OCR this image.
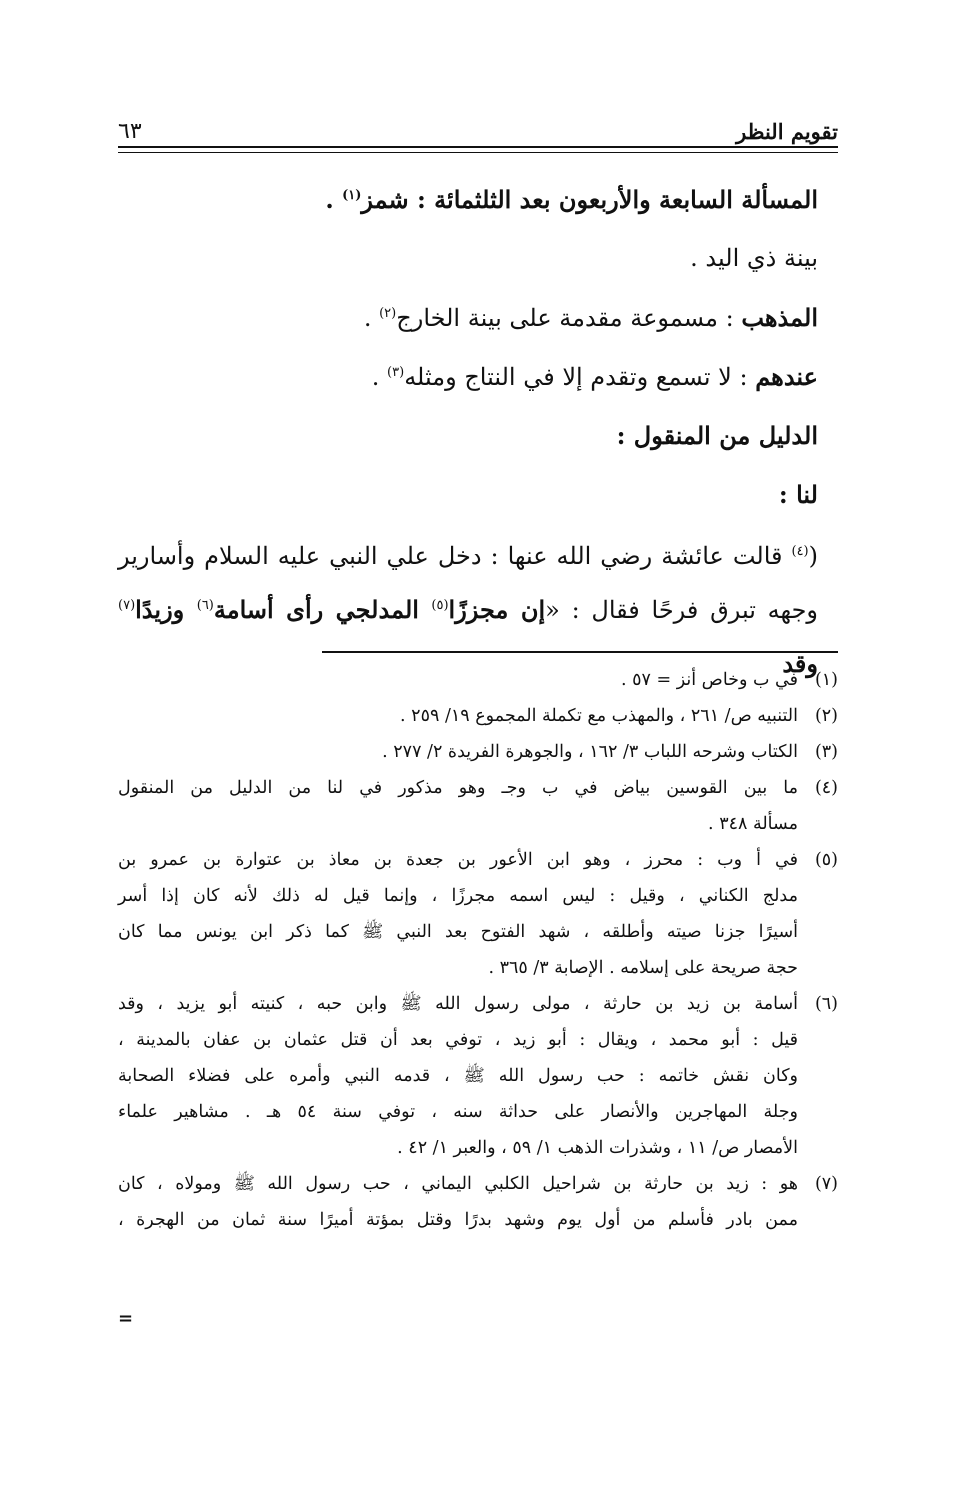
تقويم النظر
٦٣
المسألة السابعة والأربعون بعد الثلثمائة : شمز$^{(١)}$ .
بينة ذي اليد .
المذهب : مسموعة مقدمة على بينة الخارج$^{(٢)}$ .
عندهم : لا تسمع وتقدم إلا في النتاج ومثله$^{(٣)}$ .
الدليل من المنقول :
لنا :
($^{(٤)}$ قالت عائشة رضي الله عنها : دخل علي النبي عليه السلام وأسارير
وجهه تبرق فرحًا فقال : «إن مجززًا$^{(٥)}$ المدلجي رأى أسامة$^{(٦)}$ وزيدًا$^{(٧)}$ وقد
(١)
في ب وخاص أنز = ٥٧ .
(٢)
التنبيه ص/ ٢٦١ ، والمهذب مع تكملة المجموع ١٩/ ٢٥٩ .
(٣)
الكتاب وشرحه اللباب ٣/ ١٦٢ ، والجوهرة الفريدة ٢/ ٢٧٧ .
(٤)
ما بين القوسين بياض في ب وجـ وهو مذكور في لنا من الدليل من المنقول
مسألة ٣٤٨ .
(٥)
في أ وب : محرز ، وهو ابن الأعور بن جعدة بن معاذ بن عتوارة بن عمرو بن
مدلج الكناني ، وقيل : ليس اسمه مجرزًا ، وإنما قيل له ذلك لأنه كان إذا أسر
أسيرًا جزنا صيته وأطلقه ، شهد الفتوح بعد النبي ﷺ كما ذكر ابن يونس مما كان
حجة صريحة على إسلامه . الإصابة ٣/ ٣٦٥ .
(٦)
أسامة بن زيد بن حارثة ، مولى رسول الله ﷺ وابن حبه ، كنيته أبو يزيد ، وقد
قيل : أبو محمد ، ويقال : أبو زيد ، توفي بعد أن قتل عثمان بن عفان بالمدينة ،
وكان نقش خاتمه : حب رسول الله ﷺ ، قدمه النبي وأمره على فضلاء الصحابة
وجلة المهاجرين والأنصار على حداثة سنه ، توفي سنة ٥٤ هـ . مشاهير علماء
الأمصار ص/ ١١ ، وشذرات الذهب ١/ ٥٩ ، والعبر ١/ ٤٢ .
(٧)
هو : زيد بن حارثة بن شراحيل الكلبي اليماني ، حب رسول الله ﷺ ومولاه ، كان
ممن بادر فأسلم من أول يوم وشهد بدرًا وقتل بمؤتة أميرًا سنة ثمان من الهجرة ،
=
